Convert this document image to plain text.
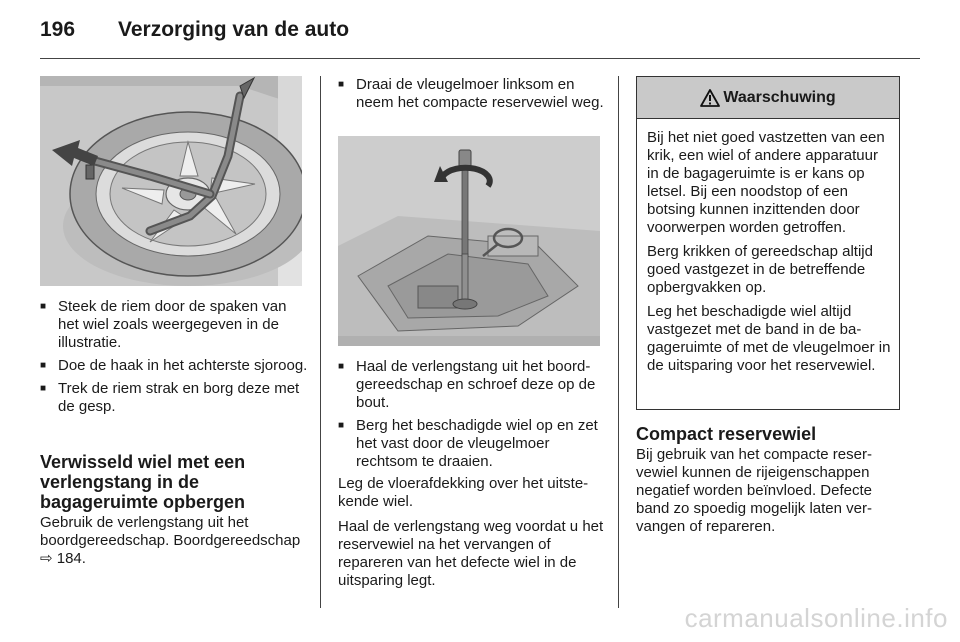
196 Verzorging van de auto
■ Steek de riem door de spaken van het wiel zoals weergegeven in de illustratie.
■ Doe de haak in het achterste sjoroog.
■ Trek de riem strak en borg deze met de gesp.
Verwisseld wiel met een verlengstang in de bagageruimte opbergen
Gebruik de verlengstang uit het boordgereedschap. Boordgereedschap ⇨ 184.
■ Draai de vleugelmoer linksom en neem het compacte reservewiel weg.
■ Haal de verlengstang uit het boordgereedschap en schroef deze op de bout.
■ Berg het beschadigde wiel op en zet het vast door de vleugelmoer rechtsom te draaien.
Leg de vloerafdekking over het uitstekende wiel.
Haal de verlengstang weg voordat u het reservewiel na het vervangen of repareren van het defecte wiel in de uitsparing legt.
Waarschuwing

Bij het niet goed vastzetten van een krik, een wiel of andere apparatuur in de bagageruimte is er kans op letsel. Bij een noodstop of een botsing kunnen inzittenden door voorwerpen worden getroffen.

Berg krikken of gereedschap altijd goed vastgezet in de betreffende opbergvakken op.

Leg het beschadigde wiel altijd vastgezet met de band in de bagageruimte of met de vleugelmoer in de uitsparing voor het reservewiel.

Compact reservewiel
Bij gebruik van het compacte reservewiel kunnen de rijeigenschappen negatief worden beïnvloed. Defecte band zo spoedig mogelijk laten vervangen of repareren.
carmanualsonline.info
